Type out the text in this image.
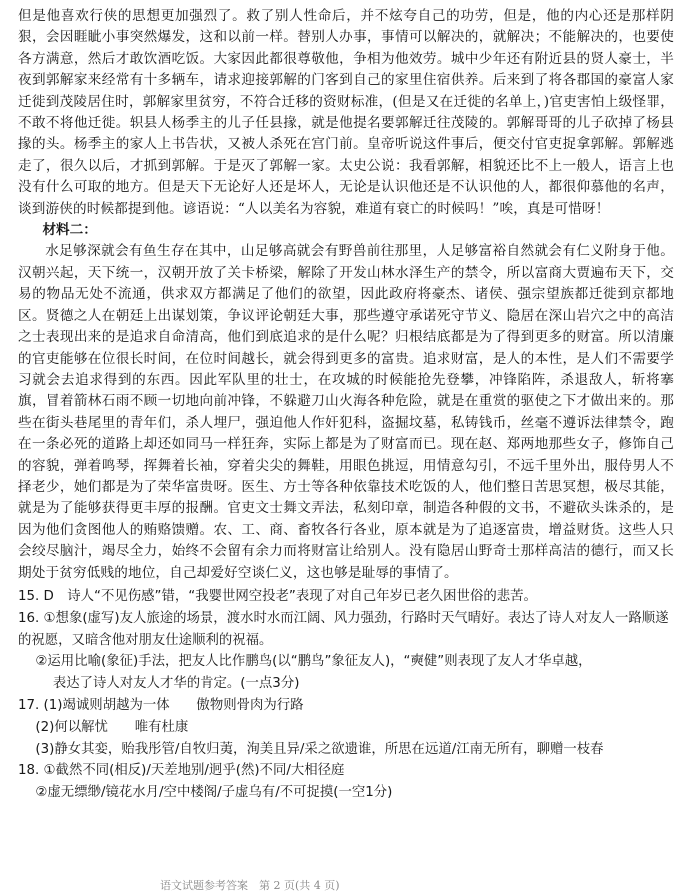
但是他喜欢行侠的思想更加强烈了。救了别人性命后，并不炫夸自己的功劳，但是，他的内心还是那样阴狠，会因睚眦小事突然爆发，这和以前一样。替别人办事，事情可以解决的，就解决；不能解决的，也要使各方满意，然后才敢饮酒吃饭。大家因此都很尊敬他，争相为他效劳。城中少年还有附近县的贤人豪士，半夜到郭解家来经常有十多辆车，请求迎接郭解的门客到自己的家里住宿供养。后来到了将各郡国的豪富人家迁徙到茂陵居住时，郭解家里贫穷，不符合迁移的资财标准，(但是又在迁徙的名单上，)官吏害怕上级怪罪，不敢不将他迁徙。轵县人杨季主的儿子任县掾，就是他提名要郭解迁往茂陵的。郭解哥哥的儿子砍掉了杨县掾的头。杨季主的家人上书告状，又被人杀死在宫门前。皇帝听说这件事后，便交付官吏捉拿郭解。郭解逃走了，很久以后，才抓到郭解。于是灭了郭解一家。太史公说：我看郭解，相貌还比不上一般人，语言上也没有什么可取的地方。但是天下无论好人还是坏人，无论是认识他还是不认识他的人，都很仰慕他的名声，谈到游侠的时候都提到他。谚语说：“人以美名为容貌，难道有衰亡的时候吗！”唉，真是可惜呀！

材料二：

水足够深就会有鱼生存在其中，山足够高就会有野兽前往那里，人足够富裕自然就会有仁义附身于他。汉朝兴起，天下统一，汉朝开放了关卡桥梁，解除了开发山林水泽生产的禁令，所以富商大贾遍布天下，交易的物品无处不流通，供求双方都满足了他们的欲望，因此政府将豪杰、诸侯、强宗望族都迁徙到京都地区。贤德之人在朝廷上出谋划策，争议评论朝廷大事，那些遵守承诺死守节义、隐居在深山岩穴之中的高洁之士表现出来的是追求自命清高，他们到底追求的是什么呢？归根结底都是为了得到更多的财富。所以清廉的官吏能够在位很长时间，在位时间越长，就会得到更多的富贵。追求财富，是人的本性，是人们不需要学习就会去追求得到的东西。因此军队里的壮士，在攻城的时候能抢先登攀，冲锋陷阵，杀退敌人，斩将搴旗，冒着箭林石雨不顾一切地向前冲锋，不躲避刀山火海各种危险，就是在重赏的驱使之下才做出来的。那些在街头巷尾里的青年们，杀人埋尸，强迫他人作奸犯科，盗掘坟墓，私铸钱币，丝毫不遵诉法律禁令，跑在一条必死的道路上却还如同马一样狂奔，实际上都是为了财富而已。现在赵、郑两地那些女子，修饰自己的容貌，弹着鸣琴，挥舞着长袖，穿着尖尖的舞鞋，用眼色挑逗，用情意勾引，不远千里外出，服侍男人不择老少，她们都是为了荣华富贵呀。医生、方士等各种依靠技术吃饭的人，他们整日苦思冥想，极尽其能，就是为了能够获得更丰厚的报酬。官吏文士舞文弄法，私刻印章，制造各种假的文书，不避砍头诛杀的，是因为他们贪图他人的贿赂馈赠。农、工、商、畜牧各行各业，原本就是为了追逐富贵，增益财货。这些人只会绞尽脑汁，竭尽全力，始终不会留有余力而将财富让给别人。没有隐居山野奇士那样高洁的德行，而又长期处于贫穷低贱的地位，自己却爱好空谈仁义，这也够是耻辱的事情了。

15. D　诗人“不见伤感”错，“我婴世网空投老”表现了对自己年岁已老久困世俗的悲苦。

16. ①想象(虚写)友人旅途的场景，渡水时水而江阔、风力强劲，行路时天气晴好。表达了诗人对友人一路顺遂的祝愿，又暗含他对朋友仕途顺利的祝福。

②运用比喻(象征)手法，把友人比作鹏鸟(以“鹏鸟”象征友人)，“奭健”则表现了友人才华卓越，

表达了诗人对友人才华的肯定。(一点3分)

17. (1)竭诚则胡越为一体　　傲物则骨肉为行路

(2)何以解忧　　唯有杜康

(3)静女其娈，贻我彤管/自牧归荑，洵美且异/采之欲遗谁，所思在远道/江南无所有，聊赠一枝春

18. ①截然不同(相反)/天差地别/迥乎(然)不同/大相径庭

②虚无缥缈/镜花水月/空中楼阁/子虚乌有/不可捉摸(一空1分)

语文试题参考答案　第 2 页(共 4 页)
